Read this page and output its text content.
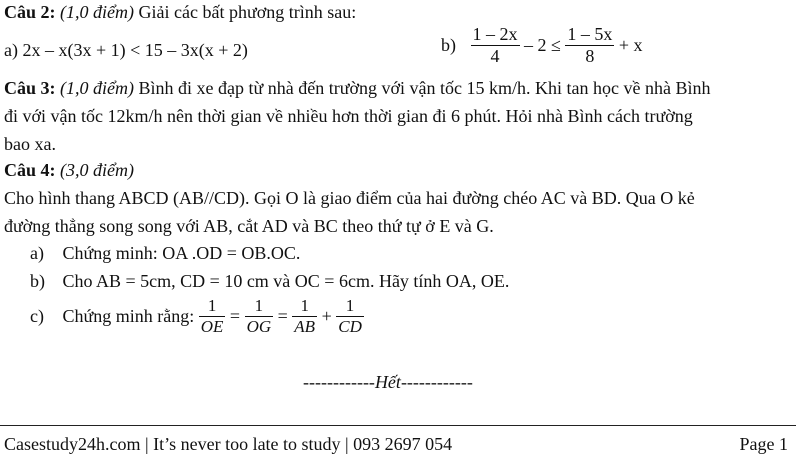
Câu 2: (1,0 điểm) Giải các bất phương trình sau:
a) 2x – x(3x + 1) < 15 – 3x(x + 2)	$b) \frac{1 - 2x}{4} - 2 \le \frac{1 - 5x}{8} + x$
Câu 3: (1,0 điểm) Bình đi xe đạp từ nhà đến trường với vận tốc 15 km/h. Khi tan học về nhà Bình
đi với vận tốc 12km/h nên thời gian về nhiều hơn thời gian đi 6 phút. Hỏi nhà Bình cách trường
bao xa.
Câu 4: (3,0 điểm)
Cho hình thang ABCD (AB//CD). Gọi O là giao điểm của hai đường chéo AC và BD. Qua O kẻ
đường thẳng song song với AB, cắt AD và BC theo thứ tự ở E và G.
a) Chứng minh: OA .OD = OB.OC.
b) Cho AB = 5cm, CD = 10 cm và OC = 6cm. Hãy tính OA, OE.
c) Chứng minh rằng: $\frac{1}{OE} = \frac{1}{OG} = \frac{1}{AB} + \frac{1}{CD}$
------------Hết------------
Casestudy24h.com | It’s never too late to study | 093 2697 054	Page 1
